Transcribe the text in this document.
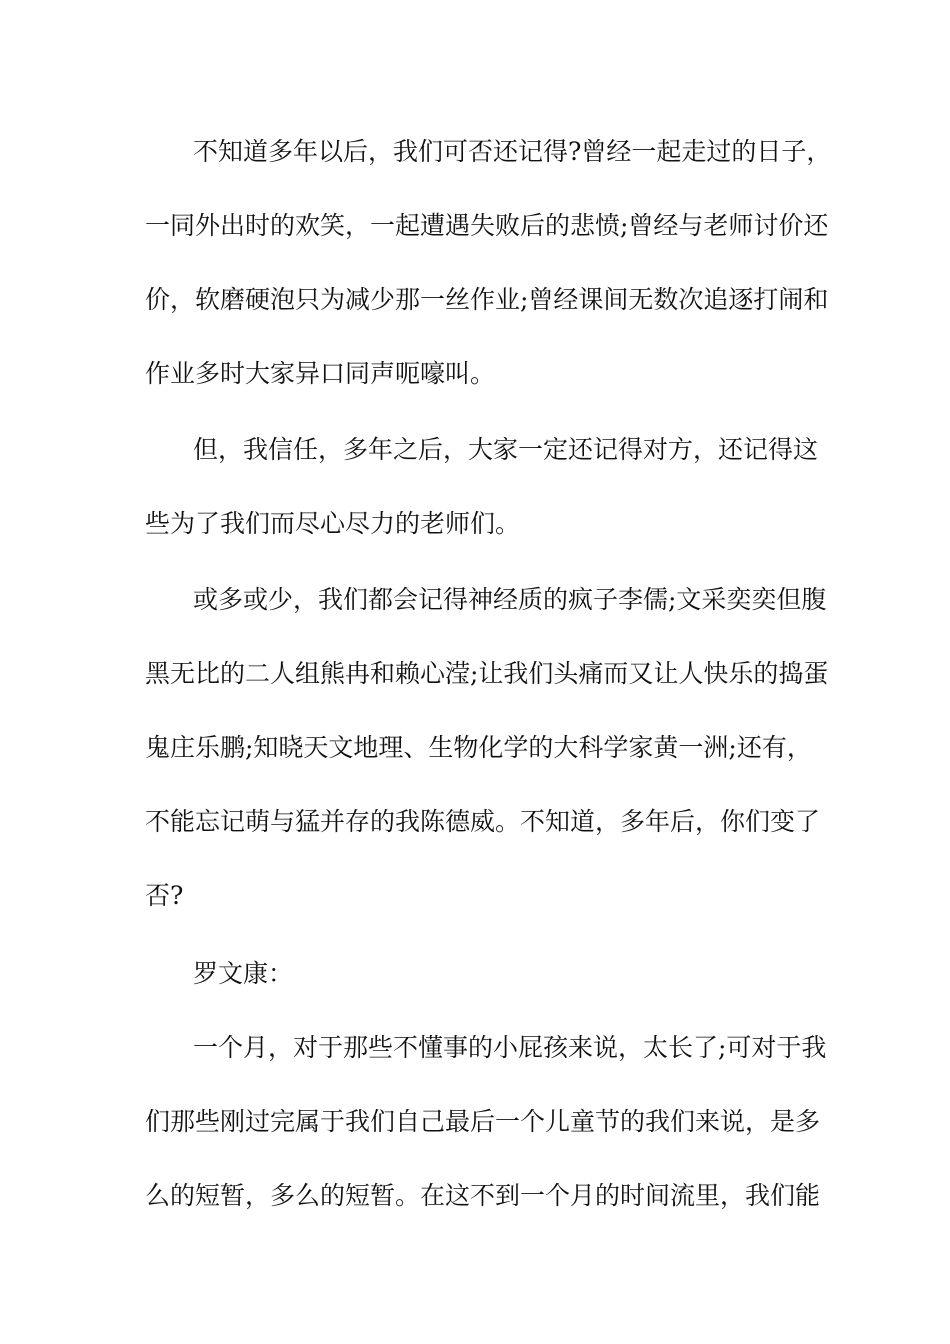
不知道多年以后，我们可否还记得?曾经一起走过的日子，
一同外出时的欢笑，一起遭遇失败后的悲愤;曾经与老师讨价还
价，软磨硬泡只为减少那一丝作业;曾经课间无数次追逐打闹和
作业多时大家异口同声呃嚎叫。
但，我信任，多年之后，大家一定还记得对方，还记得这
些为了我们而尽心尽力的老师们。
或多或少，我们都会记得神经质的疯子李儒;文采奕奕但腹
黑无比的二人组熊冉和赖心滢;让我们头痛而又让人快乐的捣蛋
鬼庄乐鹏;知晓天文地理、生物化学的大科学家黄一洲;还有，
不能忘记萌与猛并存的我陈德威。不知道，多年后，你们变了
否?
罗文康：
一个月，对于那些不懂事的小屁孩来说，太长了;可对于我
们那些刚过完属于我们自己最后一个儿童节的我们来说，是多
么的短暂，多么的短暂。在这不到一个月的时间流里，我们能
